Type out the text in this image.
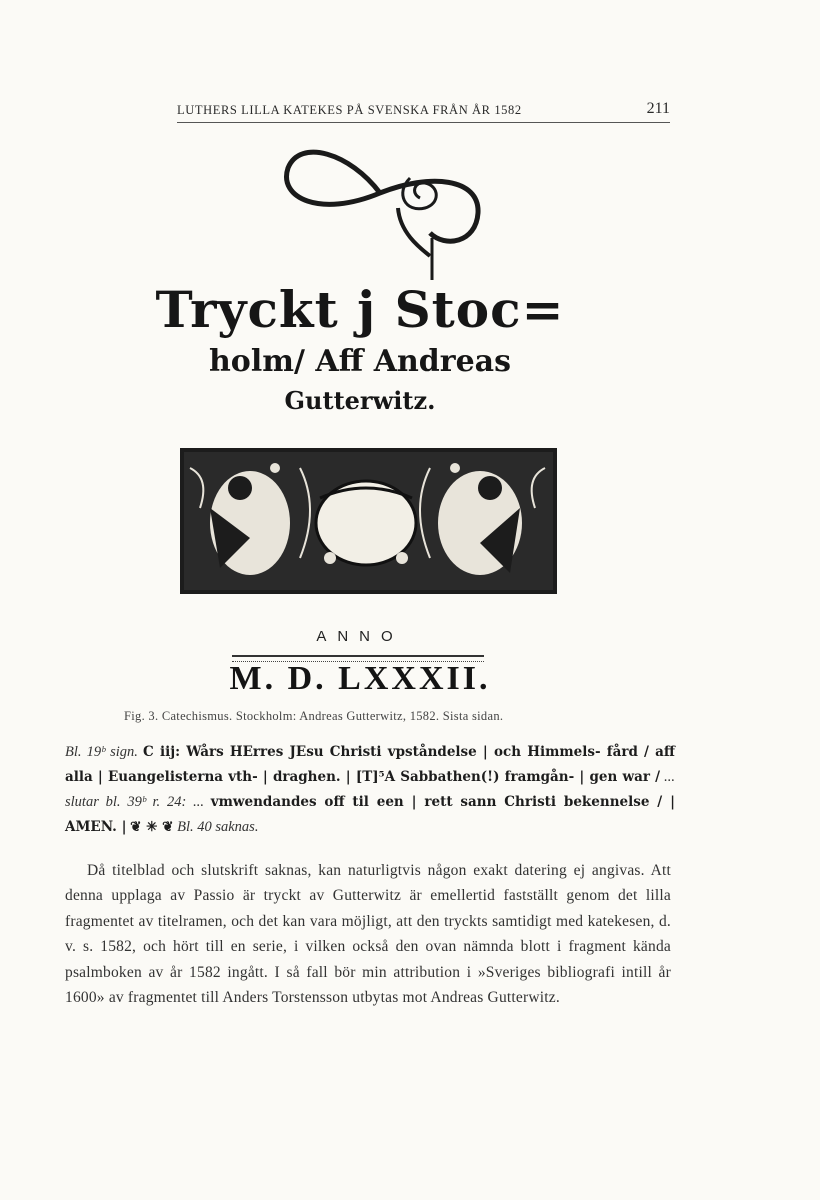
LUTHERS LILLA KATEKES PÅ SVENSKA FRÅN ÅR 1582	211
Tryckt j Stoc=
holm/ Aff Andreas
Gutterwitz.
ANNO
M. D. LXXXII.
Fig. 3. Catechismus. Stockholm: Andreas Gutterwitz, 1582. Sista sidan.

Bl. 19ᵇ sign. C iij: Wårs HErres JEsu Christi vpståndelse | och Himmels- fård / aff alla | Euangelisterna vth- | draghen. | [T]⁵A Sabbathen(!) framgån- | gen war / ... slutar bl. 39ᵇ r. 24: ... vmwendandes off til een | rett sann Christi bekennelse / | AMEN. | ❦ ✳ ❦ Bl. 40 saknas.

Då titelblad och slutskrift saknas, kan naturligtvis någon exakt datering ej angivas. Att denna upplaga av Passio är tryckt av Gutterwitz är emellertid fastställt genom det lilla fragmentet av titelramen, och det kan vara möjligt, att den tryckts samtidigt med katekesen, d. v. s. 1582, och hört till en serie, i vilken också den ovan nämnda blott i fragment kända psalmboken av år 1582 ingått. I så fall bör min attribution i »Sveriges bibliografi intill år 1600» av fragmentet till Anders Torstensson utbytas mot Andreas Gutterwitz.
